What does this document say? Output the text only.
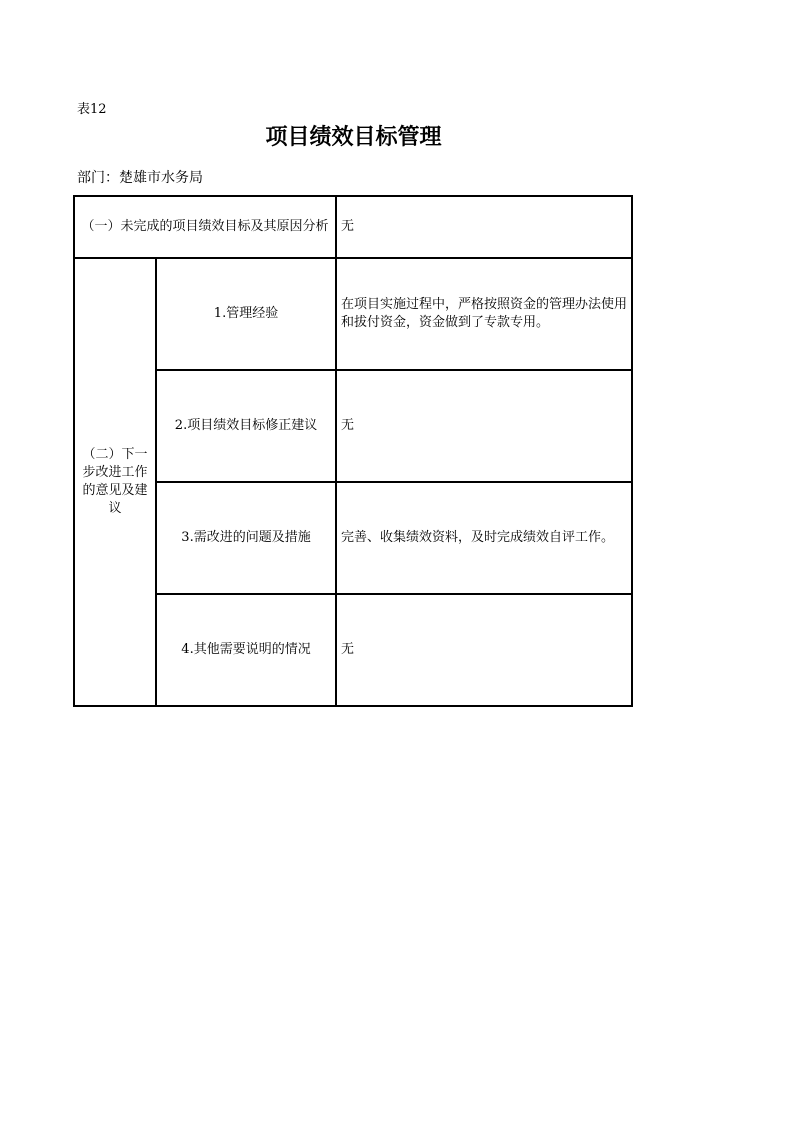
表12
项目绩效目标管理
部门：楚雄市水务局
（一）未完成的项目绩效目标及其原因分析		无
（二）下一步改进工作的意见及建议	1.管理经验	在项目实施过程中，严格按照资金的管理办法使用和拔付资金，资金做到了专款专用。
	2.项目绩效目标修正建议	无
	3.需改进的问题及措施	完善、收集绩效资料，及时完成绩效自评工作。
	4.其他需要说明的情况	无
